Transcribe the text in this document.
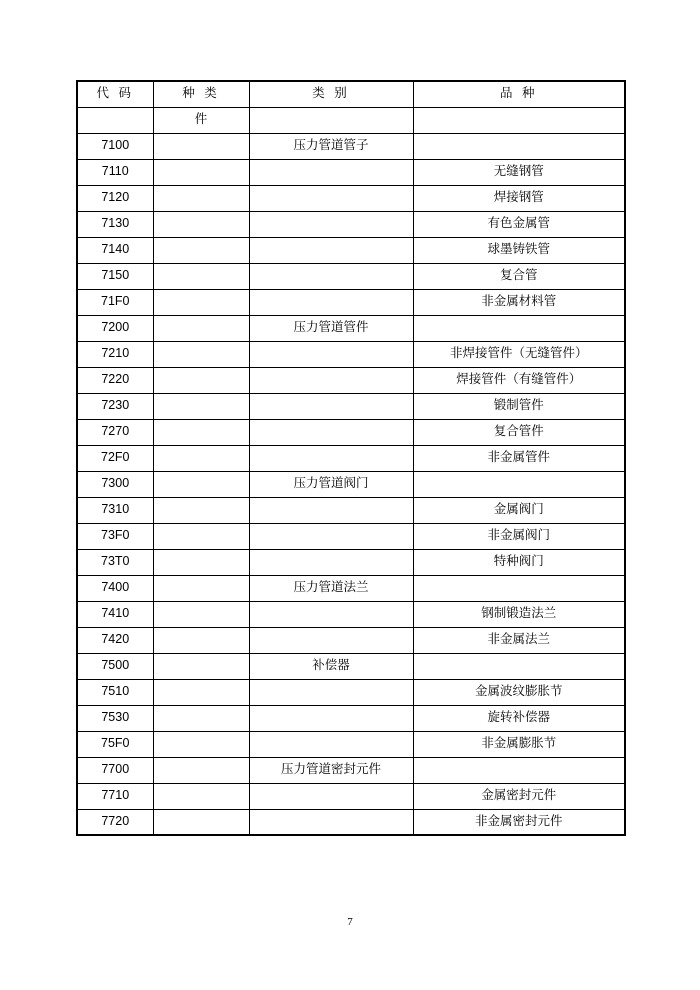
代 码	种 类	类 别	品 种
	件		
7100		压力管道管子	
7110			无缝钢管
7120			焊接钢管
7130			有色金属管
7140			球墨铸铁管
7150			复合管
71F0			非金属材料管
7200		压力管道管件	
7210			非焊接管件（无缝管件）
7220			焊接管件（有缝管件）
7230			锻制管件
7270			复合管件
72F0			非金属管件
7300		压力管道阀门	
7310			金属阀门
73F0			非金属阀门
73T0			特种阀门
7400		压力管道法兰	
7410			钢制锻造法兰
7420			非金属法兰
7500		补偿器	
7510			金属波纹膨胀节
7530			旋转补偿器
75F0			非金属膨胀节
7700		压力管道密封元件	
7710			金属密封元件
7720			非金属密封元件
7
